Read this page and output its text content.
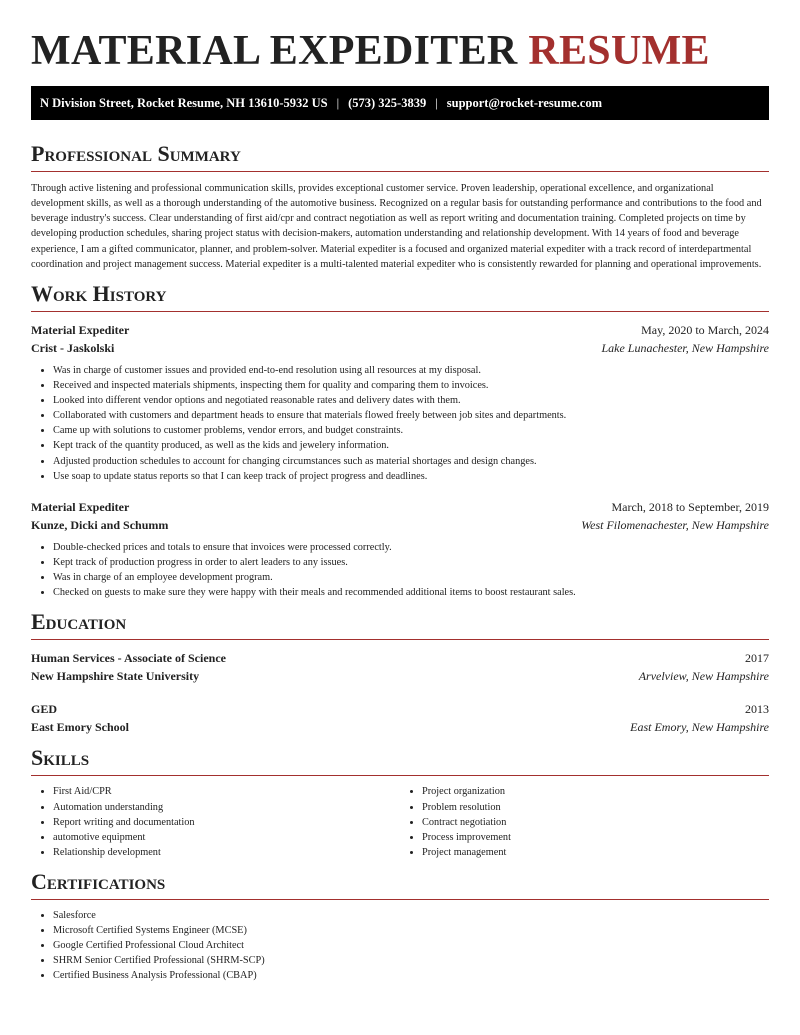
MATERIAL EXPEDITER RESUME
N Division Street, Rocket Resume, NH 13610-5932 US | (573) 325-3839 | support@rocket-resume.com
Professional Summary

Through active listening and professional communication skills, provides exceptional customer service. Proven leadership, operational excellence, and organizational development skills, as well as a thorough understanding of the automotive business. Recognized on a regular basis for outstanding performance and contributions to the food and beverage industry's success. Clear understanding of first aid/cpr and contract negotiation as well as report writing and documentation training. Completed projects on time by developing production schedules, sharing project status with decision-makers, automation understanding and relationship development. With 14 years of food and beverage experience, I am a gifted communicator, planner, and problem-solver. Material expediter is a focused and organized material expediter with a track record of interdepartmental coordination and project management success. Material expediter is a multi-talented material expediter who is consistently rewarded for planning and operational improvements.

Work History
Material Expediter	May, 2020 to March, 2024
Crist - Jaskolski	Lake Lunachester, New Hampshire
• Was in charge of customer issues and provided end-to-end resolution using all resources at my disposal.
• Received and inspected materials shipments, inspecting them for quality and comparing them to invoices.
• Looked into different vendor options and negotiated reasonable rates and delivery dates with them.
• Collaborated with customers and department heads to ensure that materials flowed freely between job sites and departments.
• Came up with solutions to customer problems, vendor errors, and budget constraints.
• Kept track of the quantity produced, as well as the kids and jewelery information.
• Adjusted production schedules to account for changing circumstances such as material shortages and design changes.
• Use soap to update status reports so that I can keep track of project progress and deadlines.
Material Expediter	March, 2018 to September, 2019
Kunze, Dicki and Schumm	West Filomenachester, New Hampshire
• Double-checked prices and totals to ensure that invoices were processed correctly.
• Kept track of production progress in order to alert leaders to any issues.
• Was in charge of an employee development program.
• Checked on guests to make sure they were happy with their meals and recommended additional items to boost restaurant sales.
Education
Human Services - Associate of Science	2017
New Hampshire State University	Arvelview, New Hampshire
GED	2013
East Emory School	East Emory, New Hampshire
Skills
• First Aid/CPR
• Automation understanding
• Report writing and documentation
• automotive equipment
• Relationship development
• Project organization
• Problem resolution
• Contract negotiation
• Process improvement
• Project management
Certifications
• Salesforce
• Microsoft Certified Systems Engineer (MCSE)
• Google Certified Professional Cloud Architect
• SHRM Senior Certified Professional (SHRM-SCP)
• Certified Business Analysis Professional (CBAP)
